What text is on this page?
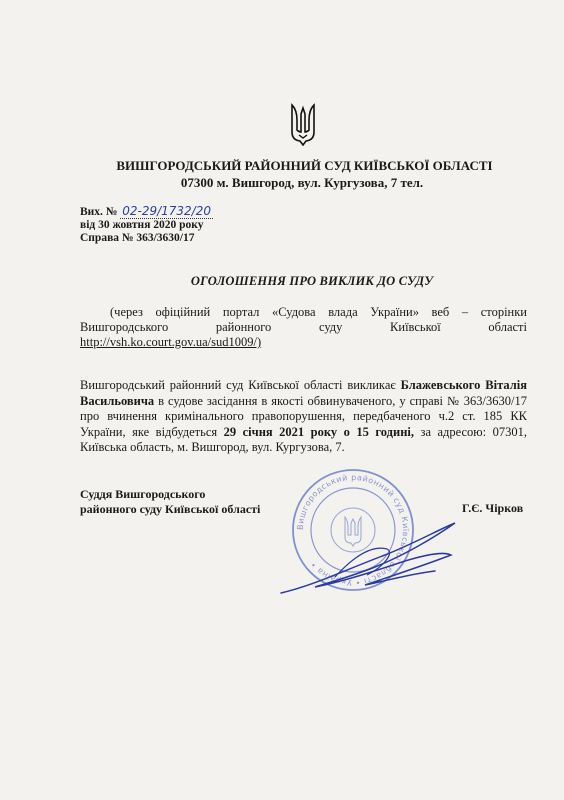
ВИШГОРОДСЬКИЙ РАЙОННИЙ СУД КИЇВСЬКОЇ ОБЛАСТІ
07300 м. Вишгород, вул. Кургузова, 7 тел.
Вих. № 02-29/1732/20
від 30 жовтня 2020 року
Справа № 363/3630/17
ОГОЛОШЕННЯ ПРО ВИКЛИК ДО СУДУ
(через офіційний портал «Судова влада України» веб – сторінки Вишгородського районного суду Київської області http://vsh.ko.court.gov.ua/sud1009/)
Вишгородський районний суд Київської області викликає Блажевського Віталія Васильовича в судове засідання в якості обвинуваченого, у справі № 363/3630/17 про вчинення кримінального правопорушення, передбаченого ч.2 ст. 185 КК України, яке відбудеться 29 січня 2021 року о 15 годині, за адресою: 07301, Київська область, м. Вишгород, вул. Кургузова, 7.
Суддя Вишгородського
районного суду Київської області	Г.Є. Чірков
Вишгородський районний суд Київської області • Україна •
